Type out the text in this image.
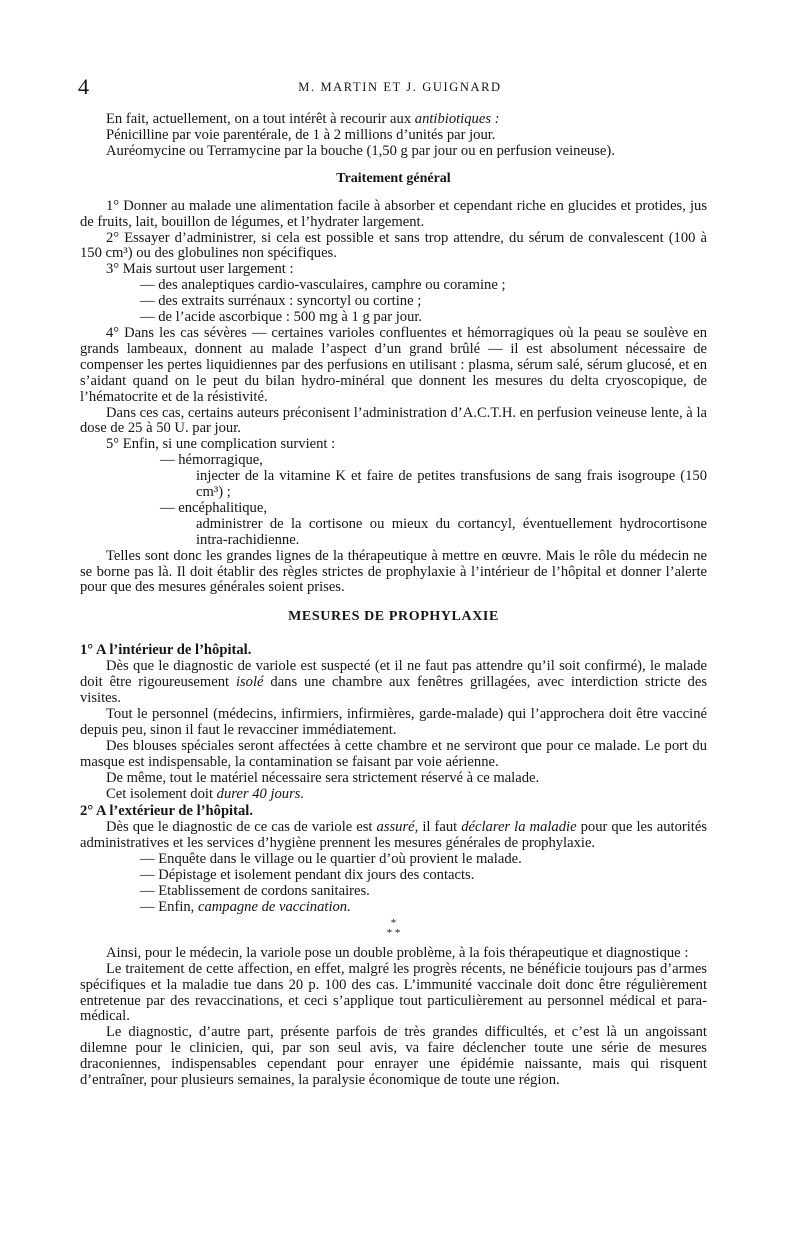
4	M. MARTIN ET J. GUIGNARD

En fait, actuellement, on a tout intérêt à recourir aux antibiotiques :

Pénicilline par voie parentérale, de 1 à 2 millions d’unités par jour.

Auréomycine ou Terramycine par la bouche (1,50 g par jour ou en perfusion veineuse).

Traitement général

1° Donner au malade une alimentation facile à absorber et cependant riche en glucides et protides, jus de fruits, lait, bouillon de légumes, et l’hydrater largement.

2° Essayer d’administrer, si cela est possible et sans trop attendre, du sérum de convalescent (100 à 150 cm³) ou des globulines non spécifiques.

3° Mais surtout user largement :

— des analeptiques cardio-vasculaires, camphre ou coramine ;

— des extraits surrénaux : syncortyl ou cortine ;

— de l’acide ascorbique : 500 mg à 1 g par jour.

4° Dans les cas sévères — certaines varioles confluentes et hémorragiques où la peau se soulève en grands lambeaux, donnent au malade l’aspect d’un grand brûlé — il est absolument nécessaire de compenser les pertes liquidiennes par des perfusions en utilisant : plasma, sérum salé, sérum glucosé, et en s’aidant quand on le peut du bilan hydro-minéral que donnent les mesures du delta cryoscopique, de l’hématocrite et de la résistivité.

Dans ces cas, certains auteurs préconisent l’administration d’A.C.T.H. en perfusion veineuse lente, à la dose de 25 à 50 U. par jour.

5° Enfin, si une complication survient :

— hémorragique,

injecter de la vitamine K et faire de petites transfusions de sang frais isogroupe (150 cm³) ;

— encéphalitique,

administrer de la cortisone ou mieux du cortancyl, éventuellement hydrocortisone intra-rachidienne.

Telles sont donc les grandes lignes de la thérapeutique à mettre en œuvre. Mais le rôle du médecin ne se borne pas là. Il doit établir des règles strictes de prophylaxie à l’intérieur de l’hôpital et donner l’alerte pour que des mesures générales soient prises.

MESURES DE PROPHYLAXIE

1° A l’intérieur de l’hôpital.

Dès que le diagnostic de variole est suspecté (et il ne faut pas attendre qu’il soit confirmé), le malade doit être rigoureusement isolé dans une chambre aux fenêtres grillagées, avec interdiction stricte des visites.

Tout le personnel (médecins, infirmiers, infirmières, garde-malade) qui l’approchera doit être vacciné depuis peu, sinon il faut le revacciner immédiatement.

Des blouses spéciales seront affectées à cette chambre et ne serviront que pour ce malade. Le port du masque est indispensable, la contamination se faisant par voie aérienne.

De même, tout le matériel nécessaire sera strictement réservé à ce malade.

Cet isolement doit durer 40 jours.

2° A l’extérieur de l’hôpital.

Dès que le diagnostic de ce cas de variole est assuré, il faut déclarer la maladie pour que les autorités administratives et les services d’hygiène prennent les mesures générales de prophylaxie.

— Enquête dans le village ou le quartier d’où provient le malade.

— Dépistage et isolement pendant dix jours des contacts.

— Etablissement de cordons sanitaires.

— Enfin, campagne de vaccination.

*
* *

Ainsi, pour le médecin, la variole pose un double problème, à la fois thérapeutique et diagnostique :

Le traitement de cette affection, en effet, malgré les progrès récents, ne bénéficie toujours pas d’armes spécifiques et la maladie tue dans 20 p. 100 des cas. L’immunité vaccinale doit donc être régulièrement entretenue par des revaccinations, et ceci s’applique tout particulièrement au personnel médical et para-médical.

Le diagnostic, d’autre part, présente parfois de très grandes difficultés, et c’est là un angoissant dilemne pour le clinicien, qui, par son seul avis, va faire déclencher toute une série de mesures draconiennes, indispensables cependant pour enrayer une épidémie naissante, mais qui risquent d’entraîner, pour plusieurs semaines, la paralysie économique de toute une région.
